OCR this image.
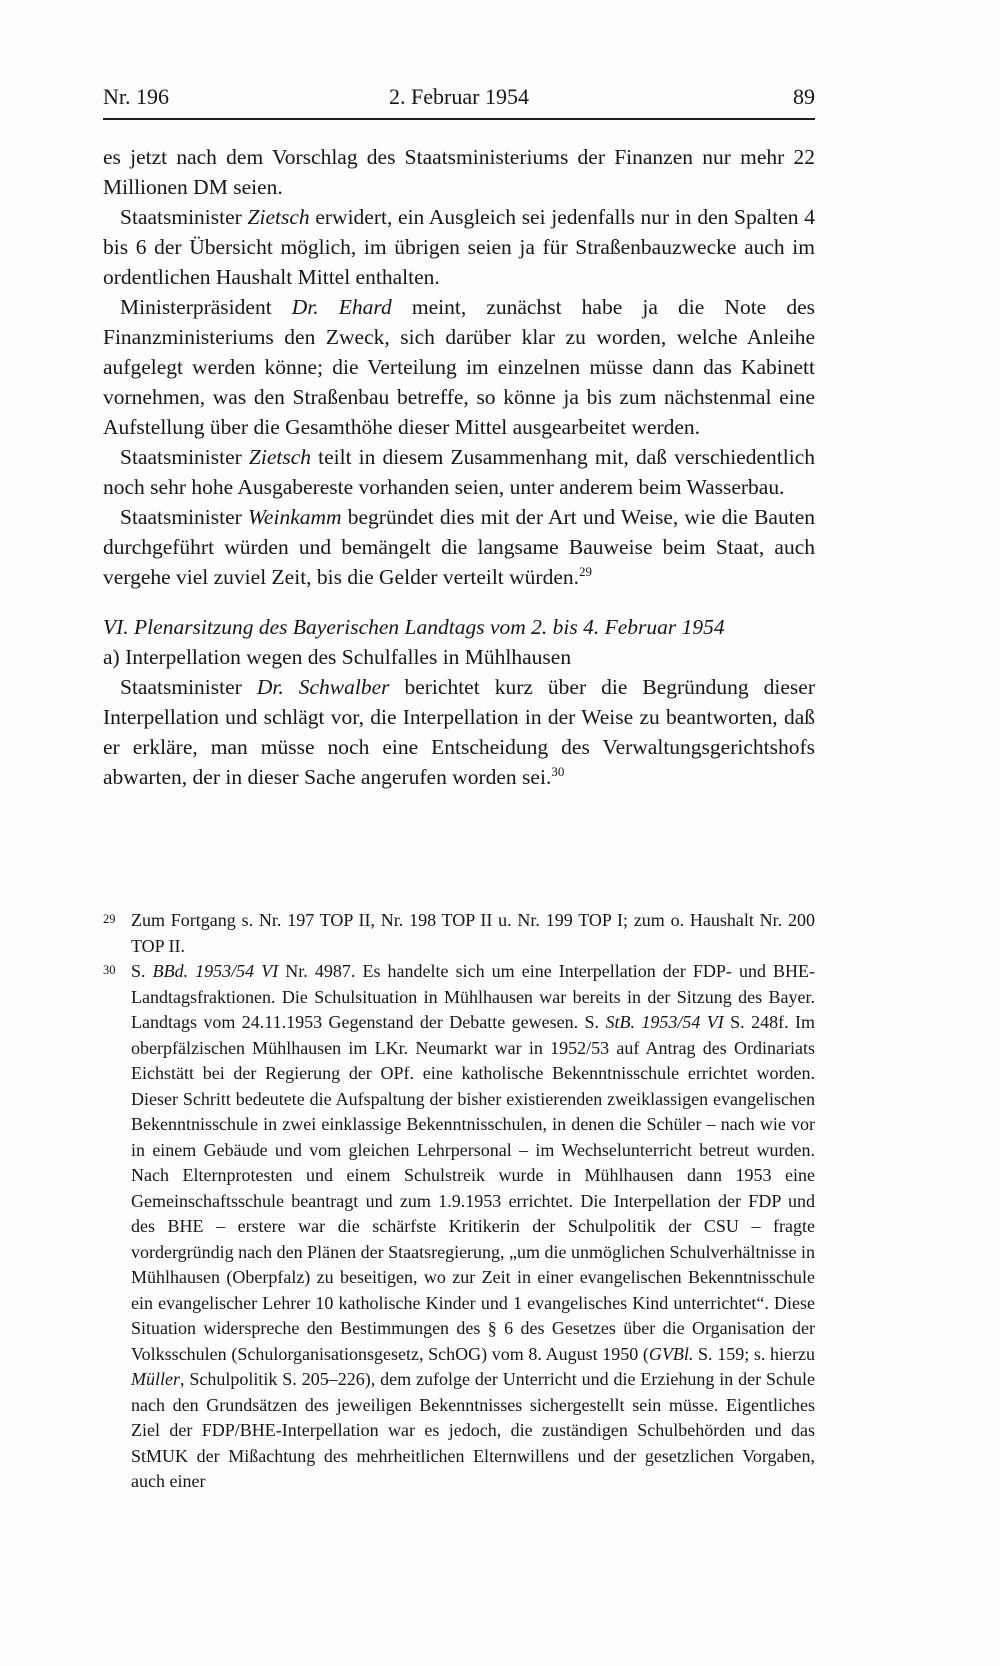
Nr. 196	2. Februar 1954	89

es jetzt nach dem Vorschlag des Staatsministeriums der Finanzen nur mehr 22 Millionen DM seien.

Staatsminister Zietsch erwidert, ein Ausgleich sei jedenfalls nur in den Spalten 4 bis 6 der Übersicht möglich, im übrigen seien ja für Straßenbauzwecke auch im ordentlichen Haushalt Mittel enthalten.

Ministerpräsident Dr. Ehard meint, zunächst habe ja die Note des Finanzministeriums den Zweck, sich darüber klar zu worden, welche Anleihe aufgelegt werden könne; die Verteilung im einzelnen müsse dann das Kabinett vornehmen, was den Straßenbau betreffe, so könne ja bis zum nächstenmal eine Aufstellung über die Gesamthöhe dieser Mittel ausgearbeitet werden.

Staatsminister Zietsch teilt in diesem Zusammenhang mit, daß verschiedentlich noch sehr hohe Ausgabereste vorhanden seien, unter anderem beim Wasserbau.

Staatsminister Weinkamm begründet dies mit der Art und Weise, wie die Bauten durchgeführt würden und bemängelt die langsame Bauweise beim Staat, auch vergehe viel zuviel Zeit, bis die Gelder verteilt würden.$^{29}$

VI. Plenarsitzung des Bayerischen Landtags vom 2. bis 4. Februar 1954

a) Interpellation wegen des Schulfalles in Mühlhausen

Staatsminister Dr. Schwalber berichtet kurz über die Begründung dieser Interpellation und schlägt vor, die Interpellation in der Weise zu beantworten, daß er erkläre, man müsse noch eine Entscheidung des Verwaltungsgerichtshofs abwarten, der in dieser Sache angerufen worden sei.$^{30}$

29 Zum Fortgang s. Nr. 197 TOP II, Nr. 198 TOP II u. Nr. 199 TOP I; zum o. Haushalt Nr. 200 TOP II.
30 S. BBd. 1953/54 VI Nr. 4987. Es handelte sich um eine Interpellation der FDP- und BHE-Landtagsfraktionen. Die Schulsituation in Mühlhausen war bereits in der Sitzung des Bayer. Landtags vom 24.11.1953 Gegenstand der Debatte gewesen. S. StB. 1953/54 VI S. 248f. Im oberpfälzischen Mühlhausen im LKr. Neumarkt war in 1952/53 auf Antrag des Ordinariats Eichstätt bei der Regierung der OPf. eine katholische Bekenntnisschule errichtet worden. Dieser Schritt bedeutete die Aufspaltung der bisher existierenden zweiklassigen evangelischen Bekenntnisschule in zwei einklassige Bekenntnisschulen, in denen die Schüler – nach wie vor in einem Gebäude und vom gleichen Lehrpersonal – im Wechselunterricht betreut wurden. Nach Elternprotesten und einem Schulstreik wurde in Mühlhausen dann 1953 eine Gemeinschaftsschule beantragt und zum 1.9.1953 errichtet. Die Interpellation der FDP und des BHE – erstere war die schärfste Kritikerin der Schulpolitik der CSU – fragte vordergründig nach den Plänen der Staatsregierung, „um die unmöglichen Schulverhältnisse in Mühlhausen (Oberpfalz) zu beseitigen, wo zur Zeit in einer evangelischen Bekenntnisschule ein evangelischer Lehrer 10 katholische Kinder und 1 evangelisches Kind unterrichtet“. Diese Situation widerspreche den Bestimmungen des § 6 des Gesetzes über die Organisation der Volksschulen (Schulorganisationsgesetz, SchOG) vom 8. August 1950 (GVBl. S. 159; s. hierzu Müller, Schulpolitik S. 205–226), dem zufolge der Unterricht und die Erziehung in der Schule nach den Grundsätzen des jeweiligen Bekenntnisses sichergestellt sein müsse. Eigentliches Ziel der FDP/BHE-Interpellation war es jedoch, die zuständigen Schulbehörden und das StMUK der Mißachtung des mehrheitlichen Elternwillens und der gesetzlichen Vorgaben, auch einer
